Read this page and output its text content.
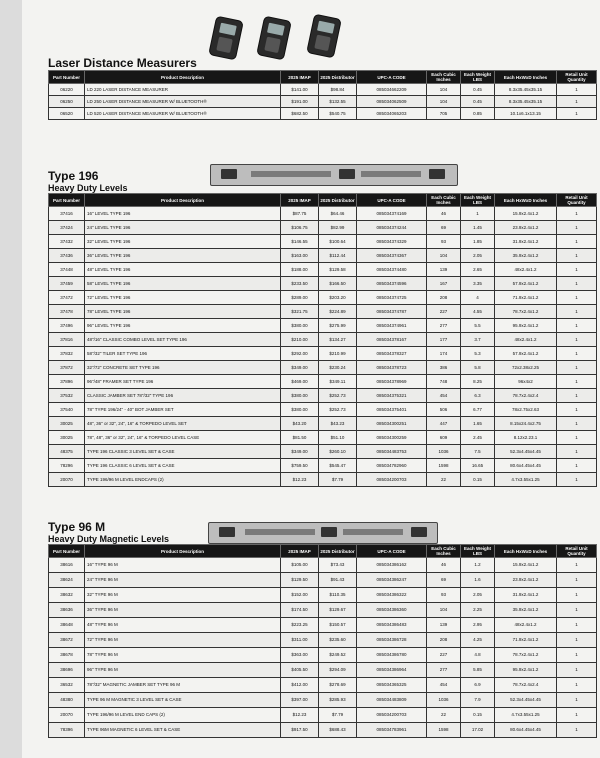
Laser Distance Measurers
Part Number	Product Description	2025 IMAP	2025 Distributor	UPC-A CODE	Each Cubic Inches	Each Weight LBS	Each HxWxD Inches	Retail Unit Quantity
06220	LD 220 LASER DISTANCE MEASURER	$141.00	$98.84	085034662209	104	0.45	8.3x35.45x35.15	1
06250	LD 250 LASER DISTANCE MEASURER W/ BLUETOOTH®	$191.00	$132.55	085034062509	104	0.45	8.3x35.45x35.15	1
06520	LD 520 LASER DISTANCE MEASURER W/ BLUETOOTH®	$682.50	$540.75	085034065203	705	0.85	10.1x6.1x13.15	1
Type 196
Heavy Duty Levels
Part Number	Product Description	2025 IMAP	2025 Distributor	UPC-A CODE	Each Cubic Inches	Each Weight LBS	Each HxWxD Inches	Retail Unit Quantity
37416	16" LEVEL TYPE 196	$87.75	$64.46	085034374169	46	1	15.9x2.4x1.2	1
37424	24" LEVEL TYPE 196	$106.75	$82.99	085034374244	69	1.45	23.9x2.4x1.2	1
37432	32" LEVEL TYPE 196	$146.55	$100.64	085034374329	93	1.85	31.9x2.4x1.2	1
37436	36" LEVEL TYPE 196	$163.00	$112.44	085034374367	104	2.05	35.9x2.4x1.2	1
37448	48" LEVEL TYPE 196	$188.00	$129.58	085034374480	139	2.65	48x2.4x1.2	1
37459	58" LEVEL TYPE 196	$233.50	$166.50	085034374596	167	3.35	57.9x2.4x1.2	1
37472	72" LEVEL TYPE 196	$289.00	$203.20	085034374725	208	4	71.9x2.4x1.2	1
37478	78" LEVEL TYPE 196	$321.75	$224.89	085034374787	227	4.55	78.7x2.4x1.2	1
37496	96" LEVEL TYPE 196	$380.00	$275.99	085034374961	277	5.5	95.9x2.4x1.2	1
37816	48"/16" CLASSIC COMBO LEVEL SET TYPE 196	$210.00	$134.27	085034378167	177	3.7	48x2.4x1.2	1
37832	58"/32" TILER SET TYPE 196	$292.00	$210.99	085034378327	174	5.3	57.9x2.4x1.2	1
37872	32"/72" CONCRETE SET TYPE 196	$349.00	$230.24	085034378723	386	5.8	72x2.38x2.25	1
37896	96"/48" FRAMER SET TYPE 196	$469.00	$349.11	085034378969	748	8.25	96x4x2	1
37532	CLASSIC JAMBER SET 78"/32" TYPE 196	$380.00	$252.73	085034375321	454	6.3	78.7x2.4x2.4	1
37540	78" TYPE 196/24" - 40" BOT JAMBER SET	$380.00	$252.73	085034375401	506	6.77	78x2.75x2.63	1
30025	48", 36" or 32", 24", 16" & TORPEDO LEVEL SET	$43.20	$43.23	085034300251	447	1.65	8.15x24.4x2.75	1
30025	78", 48", 36" or 32", 24", 16" & TORPEDO LEVEL CASE	$81.50	$51.10	085034300259	609	2.45	8.12x2.23.1	1
48375	TYPE 196 CLASSIC 3 LEVEL SET & CASE	$349.00	$260.10	085034483753	1036	7.5	52.3x4.45x4.45	1
78296	TYPE 196 CLASSIC 6 LEVEL SET & CASE	$759.50	$545.47	085034782960	1598	16.65	80.6x4.45x4.45	1
20070	TYPE 196/96 M LEVEL ENDCAPS (2)	$12.23	$7.79	085034200703	22	0.15	4.7x3.55x1.25	1
Type 96 M
Heavy Duty Magnetic Levels
Part Number	Product Description	2025 IMAP	2025 Distributor	UPC-A CODE	Each Cubic Inches	Each Weight LBS	Each HxWxD Inches	Retail Unit Quantity
38616	16" TYPE 96 M	$105.00	$73.43	085034386162	46	1.2	15.9x2.4x1.2	1
38624	24" TYPE 96 M	$129.50	$91.43	085034386247	69	1.6	23.9x2.4x1.2	1
38632	32" TYPE 96 M	$152.00	$110.35	085034386322	93	2.05	31.9x2.4x1.2	1
38636	36" TYPE 96 M	$174.50	$129.67	085034386360	104	2.25	35.9x2.4x1.2	1
38648	48" TYPE 96 M	$223.25	$150.57	085034386483	139	2.95	48x2.4x1.2	1
38672	72" TYPE 96 M	$311.00	$235.60	085034386728	208	4.25	71.9x2.4x1.2	1
38678	78" TYPE 96 M	$363.00	$249.52	085034386780	227	4.8	78.7x2.4x1.2	1
38696	96" TYPE 96 M	$405.50	$294.09	085034386964	277	5.85	95.9x2.4x1.2	1
36532	78"/32" MAGNETIC JAMBER SET TYPE 96 M	$412.00	$278.69	085034365325	454	6.9	78.7x2.4x2.4	1
48380	TYPE 96 M MAGNETIC 3 LEVEL SET & CASE	$397.00	$285.93	085034483809	1036	7.9	52.3x4.45x4.45	1
20070	TYPE 196/96 M LEVEL END CAPS (2)	$12.23	$7.79	085034200703	22	0.15	4.7x3.55x1.25	1
78396	TYPE 96M MAGNETIC 6 LEVEL SET & CASE	$917.50	$688.43	085034783961	1598	17.02	80.6x4.45x4.45	1
